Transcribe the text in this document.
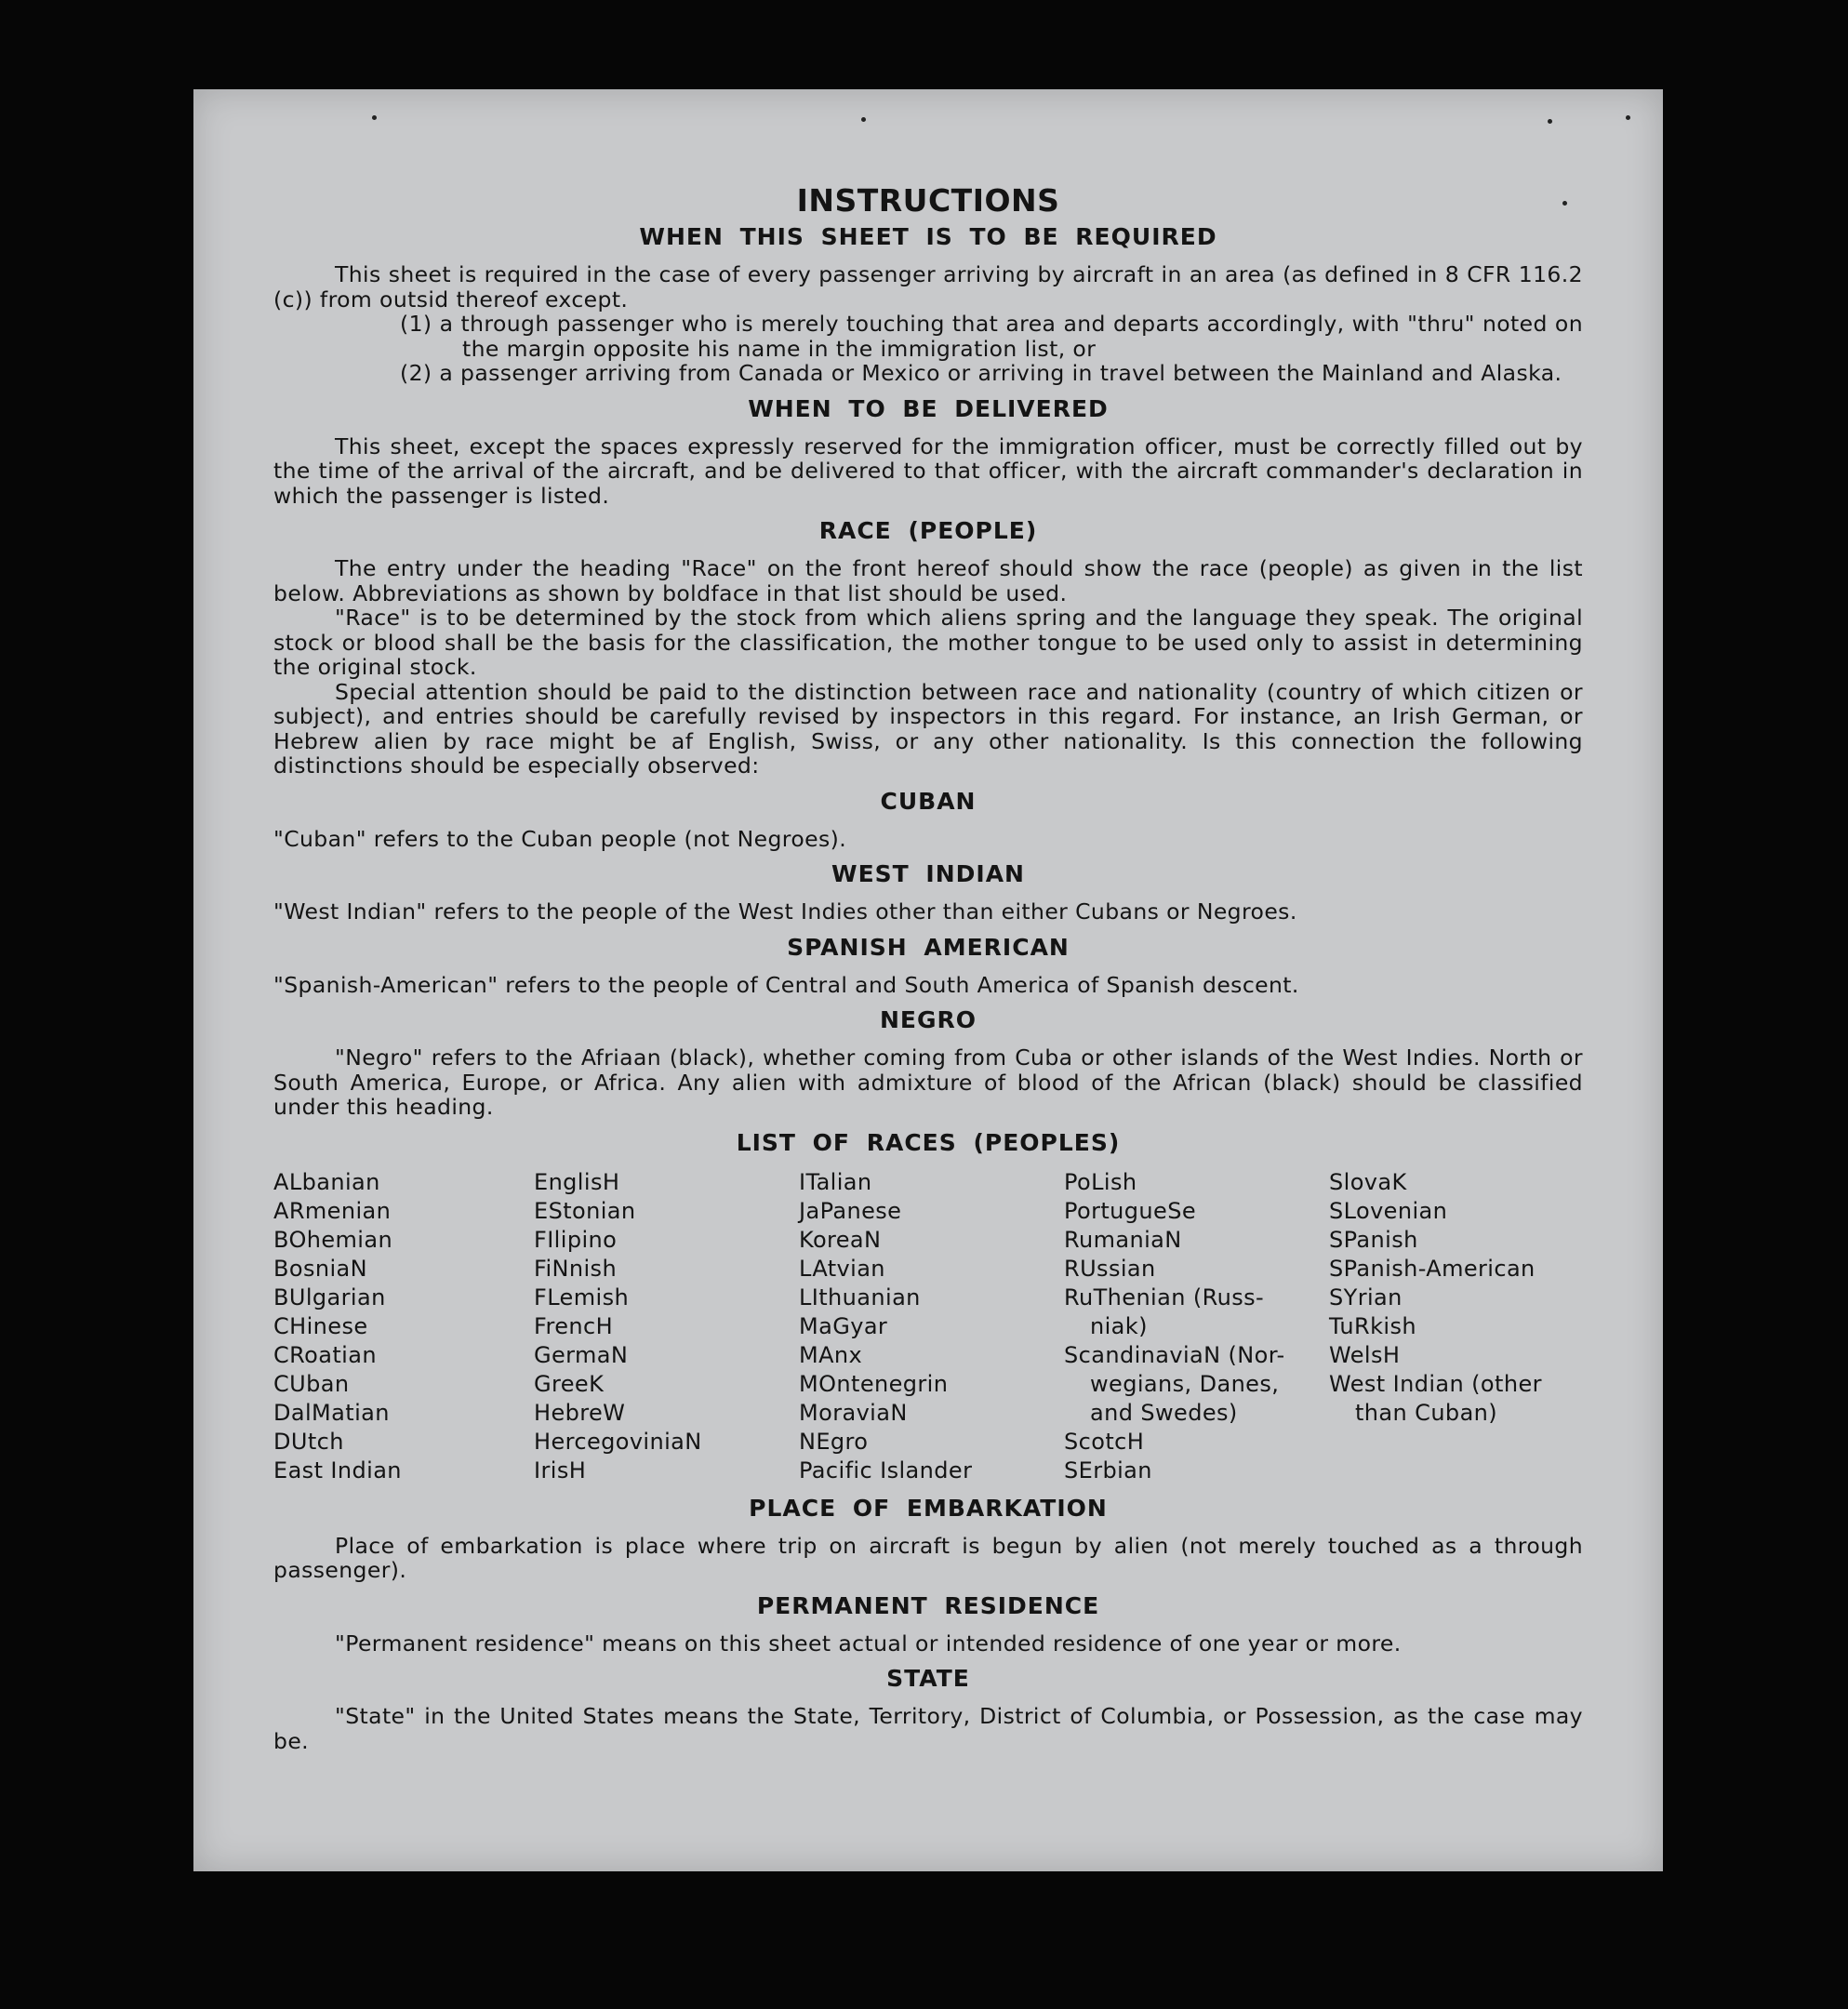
INSTRUCTIONS
WHEN THIS SHEET IS TO BE REQUIRED

This sheet is required in the case of every passenger arriving by aircraft in an area (as defined in 8 CFR 116.2 (c)) from outsid thereof except.

(1) a through passenger who is merely touching that area and departs accordingly, with "thru" noted on the margin opposite his name in the immigration list, or

(2) a passenger arriving from Canada or Mexico or arriving in travel between the Mainland and Alaska.

WHEN TO BE DELIVERED

This sheet, except the spaces expressly reserved for the immigration officer, must be correctly filled out by the time of the arrival of the aircraft, and be delivered to that officer, with the aircraft commander's declaration in which the passenger is listed.

RACE (PEOPLE)

The entry under the heading "Race" on the front hereof should show the race (people) as given in the list below. Abbreviations as shown by boldface in that list should be used.

"Race" is to be determined by the stock from which aliens spring and the language they speak. The original stock or blood shall be the basis for the classification, the mother tongue to be used only to assist in determining the original stock.

Special attention should be paid to the distinction between race and nationality (country of which citizen or subject), and entries should be carefully revised by inspectors in this regard. For instance, an Irish German, or Hebrew alien by race might be af English, Swiss, or any other nationality. Is this connection the following distinctions should be especially observed:

CUBAN

"Cuban" refers to the Cuban people (not Negroes).

WEST INDIAN

"West Indian" refers to the people of the West Indies other than either Cubans or Negroes.

SPANISH AMERICAN

"Spanish-American" refers to the people of Central and South America of Spanish descent.

NEGRO

"Negro" refers to the Afriaan (black), whether coming from Cuba or other islands of the West Indies. North or South America, Europe, or Africa. Any alien with admixture of blood of the African (black) should be classified under this heading.

LIST OF RACES (PEOPLES)
ALbanian
ARmenian
BOhemian
BosniaN
BUlgarian
CHinese
CRoatian
CUban
DalMatian
DUtch
East Indian
EnglisH
EStonian
FIlipino
FiNnish
FLemish
FrencH
GermaN
GreeK
HebreW
HercegoviniaN
IrisH
ITalian
JaPanese
KoreaN
LAtvian
LIthuanian
MaGyar
MAnx
MOntenegrin
MoraviaN
NEgro
Pacific Islander
PoLish
PortugueSe
RumaniaN
RUssian
RuThenian (Russ-
niak)
ScandinaviaN (Nor-
wegians, Danes,
and Swedes)
ScotcH
SErbian
SlovaK
SLovenian
SPanish
SPanish-American
SYrian
TuRkish
WelsH
West Indian (other
than Cuban)
PLACE OF EMBARKATION

Place of embarkation is place where trip on aircraft is begun by alien (not merely touched as a through passenger).

PERMANENT RESIDENCE

"Permanent residence" means on this sheet actual or intended residence of one year or more.

STATE

"State" in the United States means the State, Territory, District of Columbia, or Possession, as the case may be.
